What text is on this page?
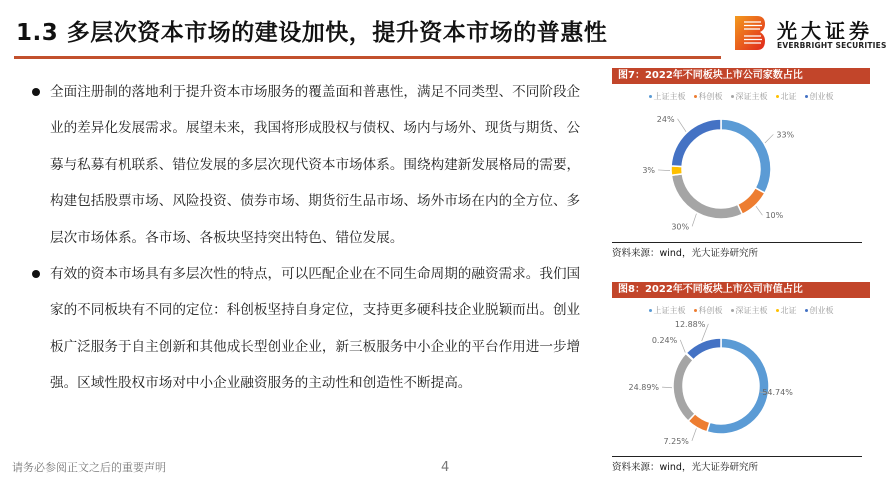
1.3 多层次资本市场的建设加快，提升资本市场的普惠性	光大证券
EVERBRIGHT SECURITIES
全面注册制的落地利于提升资本市场服务的覆盖面和普惠性，满足不同类型、不同阶段企业的差异化发展需求。展望未来，我国将形成股权与债权、场内与场外、现货与期货、公募与私募有机联系、错位发展的多层次现代资本市场体系。围绕构建新发展格局的需要，构建包括股票市场、风险投资、债券市场、期货衍生品市场、场外市场在内的全方位、多层次市场体系。各市场、各板块坚持突出特色、错位发展。
有效的资本市场具有多层次性的特点，可以匹配企业在不同生命周期的融资需求。我们国家的不同板块有不同的定位：科创板坚持自身定位，支持更多硬科技企业脱颖而出。创业板广泛服务于自主创新和其他成长型创业企业，新三板服务中小企业的平台作用进一步增强。区域性股权市场对中小企业融资服务的主动性和创造性不断提高。
请务必参阅正文之后的重要声明	4
图7：2022年不同板块上市公司家数占比
上证主板 科创板 深证主板 北证 创业板
33%
10%
30%
3%
24%
资料来源：wind，光大证券研究所
图8：2022年不同板块上市公司市值占比
上证主板 科创板 深证主板 北证 创业板
54.74%
7.25%
24.89%
0.24%
12.88%
资料来源：wind，光大证券研究所
